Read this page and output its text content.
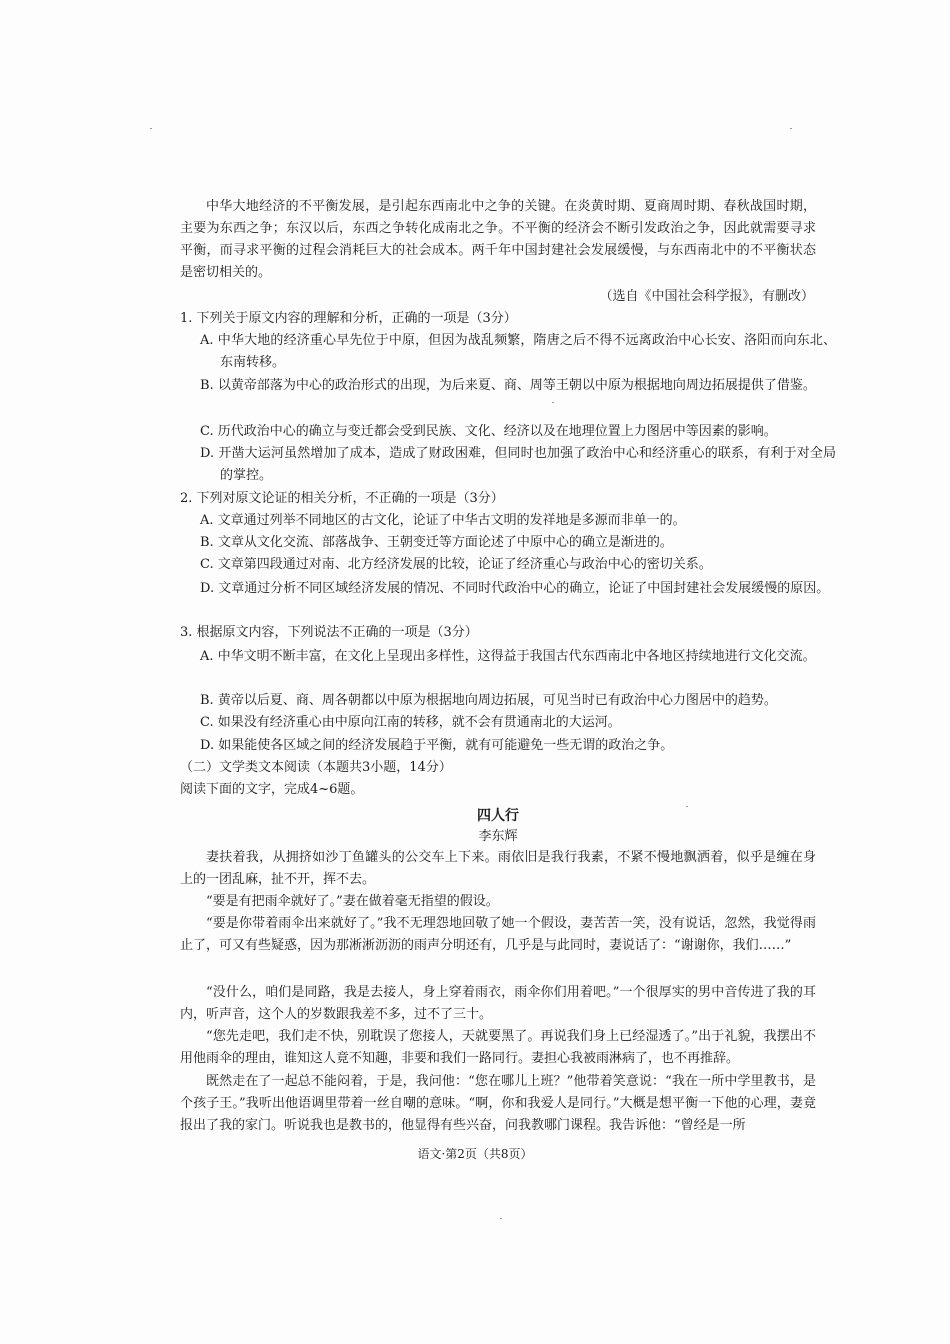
中华大地经济的不平衡发展，是引起东西南北中之争的关键。在炎黄时期、夏商周时期、春秋战国时期，主要为东西之争；东汉以后，东西之争转化成南北之争。不平衡的经济会不断引发政治之争，因此就需要寻求平衡，而寻求平衡的过程会消耗巨大的社会成本。两千年中国封建社会发展缓慢，与东西南北中的不平衡状态是密切相关的。
（选自《中国社会科学报》，有删改）
1. 下列关于原文内容的理解和分析，正确的一项是（3分）
A. 中华大地的经济重心早先位于中原，但因为战乱频繁，隋唐之后不得不远离政治中心长安、洛阳而向东北、东南转移。
B. 以黄帝部落为中心的政治形式的出现，为后来夏、商、周等王朝以中原为根据地向周边拓展提供了借鉴。
C. 历代政治中心的确立与变迁都会受到民族、文化、经济以及在地理位置上力图居中等因素的影响。
D. 开凿大运河虽然增加了成本，造成了财政困难，但同时也加强了政治中心和经济重心的联系，有利于对全局的掌控。
2. 下列对原文论证的相关分析，不正确的一项是（3分）
A. 文章通过列举不同地区的古文化，论证了中华古文明的发祥地是多源而非单一的。
B. 文章从文化交流、部落战争、王朝变迁等方面论述了中原中心的确立是渐进的。
C. 文章第四段通过对南、北方经济发展的比较，论证了经济重心与政治中心的密切关系。
D. 文章通过分析不同区域经济发展的情况、不同时代政治中心的确立，论证了中国封建社会发展缓慢的原因。
3. 根据原文内容，下列说法不正确的一项是（3分）
A. 中华文明不断丰富，在文化上呈现出多样性，这得益于我国古代东西南北中各地区持续地进行文化交流。
B. 黄帝以后夏、商、周各朝都以中原为根据地向周边拓展，可见当时已有政治中心力图居中的趋势。
C. 如果没有经济重心由中原向江南的转移，就不会有贯通南北的大运河。
D. 如果能使各区域之间的经济发展趋于平衡，就有可能避免一些无谓的政治之争。
（二）文学类文本阅读（本题共3小题，14分）
阅读下面的文字，完成4~6题。
四人行
李东辉
妻扶着我，从拥挤如沙丁鱼罐头的公交车上下来。雨依旧是我行我素，不紧不慢地飘洒着，似乎是缠在身上的一团乱麻，扯不开，挥不去。
“要是有把雨伞就好了。”妻在做着毫无指望的假设。
“要是你带着雨伞出来就好了。”我不无理怨地回敬了她一个假设，妻苦苦一笑，没有说话，忽然，我觉得雨止了，可又有些疑惑，因为那淅淅沥沥的雨声分明还有，几乎是与此同时，妻说话了：“谢谢你，我们……”
“没什么，咱们是同路，我是去接人，身上穿着雨衣，雨伞你们用着吧。”一个很厚实的男中音传进了我的耳内，听声音，这个人的岁数跟我差不多，过不了三十。
“您先走吧，我们走不快，别耽误了您接人，天就要黑了。再说我们身上已经湿透了。”出于礼貌，我摆出不用他雨伞的理由，谁知这人竟不知趣，非要和我们一路同行。妻担心我被雨淋病了，也不再推辞。
既然走在了一起总不能闷着，于是，我问他：“您在哪儿上班？”他带着笑意说：“我在一所中学里教书，是个孩子王。”我听出他语调里带着一丝自嘲的意味。“啊，你和我爱人是同行。”大概是想平衡一下他的心理，妻竟报出了我的家门。听说我也是教书的，他显得有些兴奋，问我教哪门课程。我告诉他：“曾经是一所
语文·第2页（共8页）
